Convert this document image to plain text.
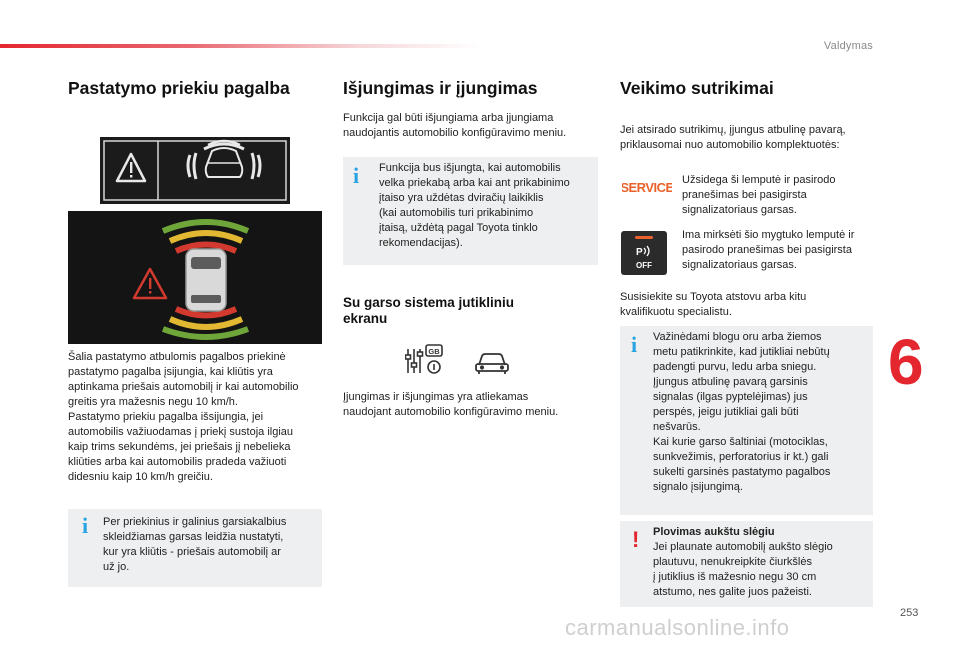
Valdymas
Pastatymo priekiu pagalba

Šalia pastatymo atbulomis pagalbos priekinė

pastatymo pagalba įsijungia, kai kliūtis yra

aptinkama priešais automobilį ir kai automobilio

greitis yra mažesnis negu 10 km/h.

Pastatymo priekiu pagalba išsijungia, jei

automobilis važiuodamas į priekį sustoja ilgiau

kaip trims sekundėms, jei priešais jį nebelieka

kliūties arba kai automobilis pradeda važiuoti

didesniu kaip 10 km/h greičiu.

i Per priekinius ir galinius garsiakalbius
skleidžiamas garsas leidžia nustatyti,
kur yra kliūtis - priešais automobilį ar
už jo.
Išjungimas ir įjungimas

Funkcija gal būti išjungiama arba įjungiama

naudojantis automobilio konfigūravimo meniu.

i Funkcija bus išjungta, kai automobilis
velka priekabą arba kai ant prikabinimo
įtaiso yra uždėtas dviračių laikiklis
(kai automobilis turi prikabinimo
įtaisą, uždėtą pagal Toyota tinklo
rekomendacijas).
Su garso sistema jutikliniu
ekranu
GB

Įjungimas ir išjungimas yra atliekamas

naudojant automobilio konfigūravimo meniu.

Veikimo sutrikimai

Jei atsirado sutrikimų, įjungus atbulinę pavarą,

priklausomai nuo automobilio komplektuotės:

SERVICE Užsidega ši lemputė ir pasirodo

pranešimas bei pasigirsta

signalizatoriaus garsas.

P
OFF

Ima mirksėti šio mygtuko lemputė ir

pasirodo pranešimas bei pasigirsta

signalizatoriaus garsas.

Susisiekite su Toyota atstovu arba kitu

kvalifikuotu specialistu.

i Važinėdami blogu oru arba žiemos
metu patikrinkite, kad jutikliai nebūtų
padengti purvu, ledu arba sniegu.
Įjungus atbulinę pavarą garsinis
signalas (ilgas pyptelėjimas) jus
perspės, jeigu jutikliai gali būti
nešvarūs.
Kai kurie garso šaltiniai (motociklas,
sunkvežimis, perforatorius ir kt.) gali
sukelti garsinės pastatymo pagalbos
signalo įsijungimą.
! Plovimas aukštu slėgiu
Jei plaunate automobilį aukšto slėgio
plautuvu, nenukreipkite čiurkšlės
į jutiklius iš mažesnio negu 30 cm
atstumo, nes galite juos pažeisti.
6
253
carmanualsonline.info
